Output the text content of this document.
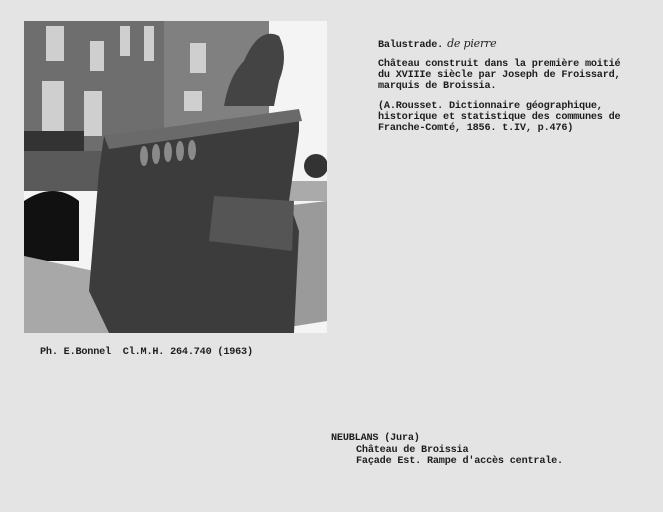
Balustrade. de pierre
Château construit dans la première moitié
du XVIIIe siècle par Joseph de Froissard,
marquis de Broissia.
(A.Rousset. Dictionnaire géographique,
historique et statistique des communes de
Franche-Comté, 1856. t.IV, p.476)
Ph. E.Bonnel  Cl.M.H. 264.740 (1963)
NEUBLANS (Jura)
Château de Broissia
Façade Est. Rampe d'accès centrale.
